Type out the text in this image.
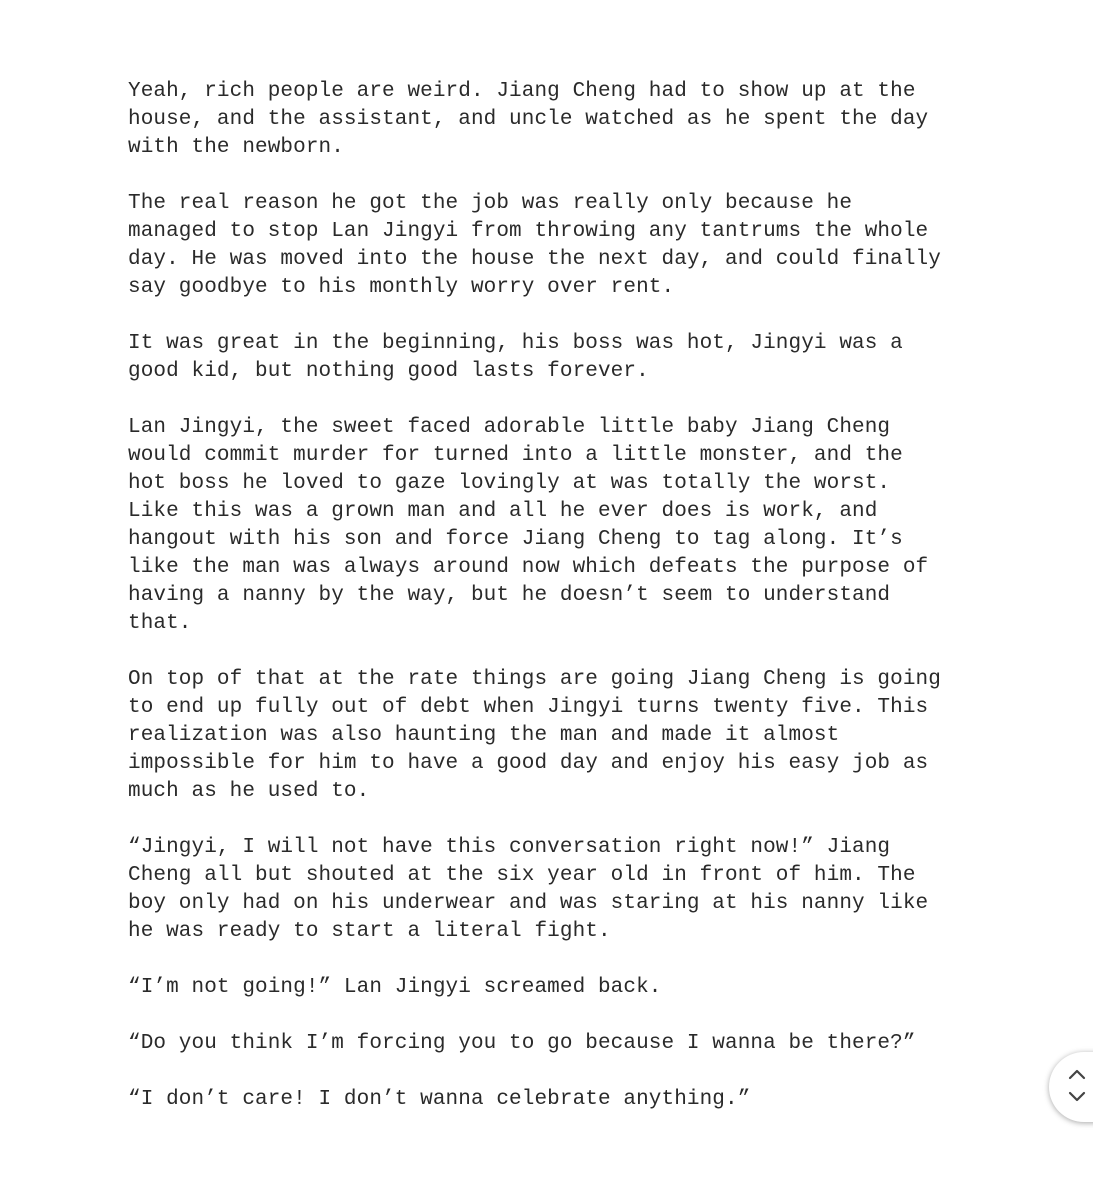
Yeah, rich people are weird. Jiang Cheng had to show up at the
house, and the assistant, and uncle watched as he spent the day
with the newborn.

The real reason he got the job was really only because he
managed to stop Lan Jingyi from throwing any tantrums the whole
day. He was moved into the house the next day, and could finally
say goodbye to his monthly worry over rent.

It was great in the beginning, his boss was hot, Jingyi was a
good kid, but nothing good lasts forever.

Lan Jingyi, the sweet faced adorable little baby Jiang Cheng
would commit murder for turned into a little monster, and the
hot boss he loved to gaze lovingly at was totally the worst.
Like this was a grown man and all he ever does is work, and
hangout with his son and force Jiang Cheng to tag along. It’s
like the man was always around now which defeats the purpose of
having a nanny by the way, but he doesn’t seem to understand
that.

On top of that at the rate things are going Jiang Cheng is going
to end up fully out of debt when Jingyi turns twenty five. This
realization was also haunting the man and made it almost
impossible for him to have a good day and enjoy his easy job as
much as he used to.

“Jingyi, I will not have this conversation right now!” Jiang
Cheng all but shouted at the six year old in front of him. The
boy only had on his underwear and was staring at his nanny like
he was ready to start a literal fight.

“I’m not going!” Lan Jingyi screamed back.

“Do you think I’m forcing you to go because I wanna be there?”

“I don’t care! I don’t wanna celebrate anything.”
